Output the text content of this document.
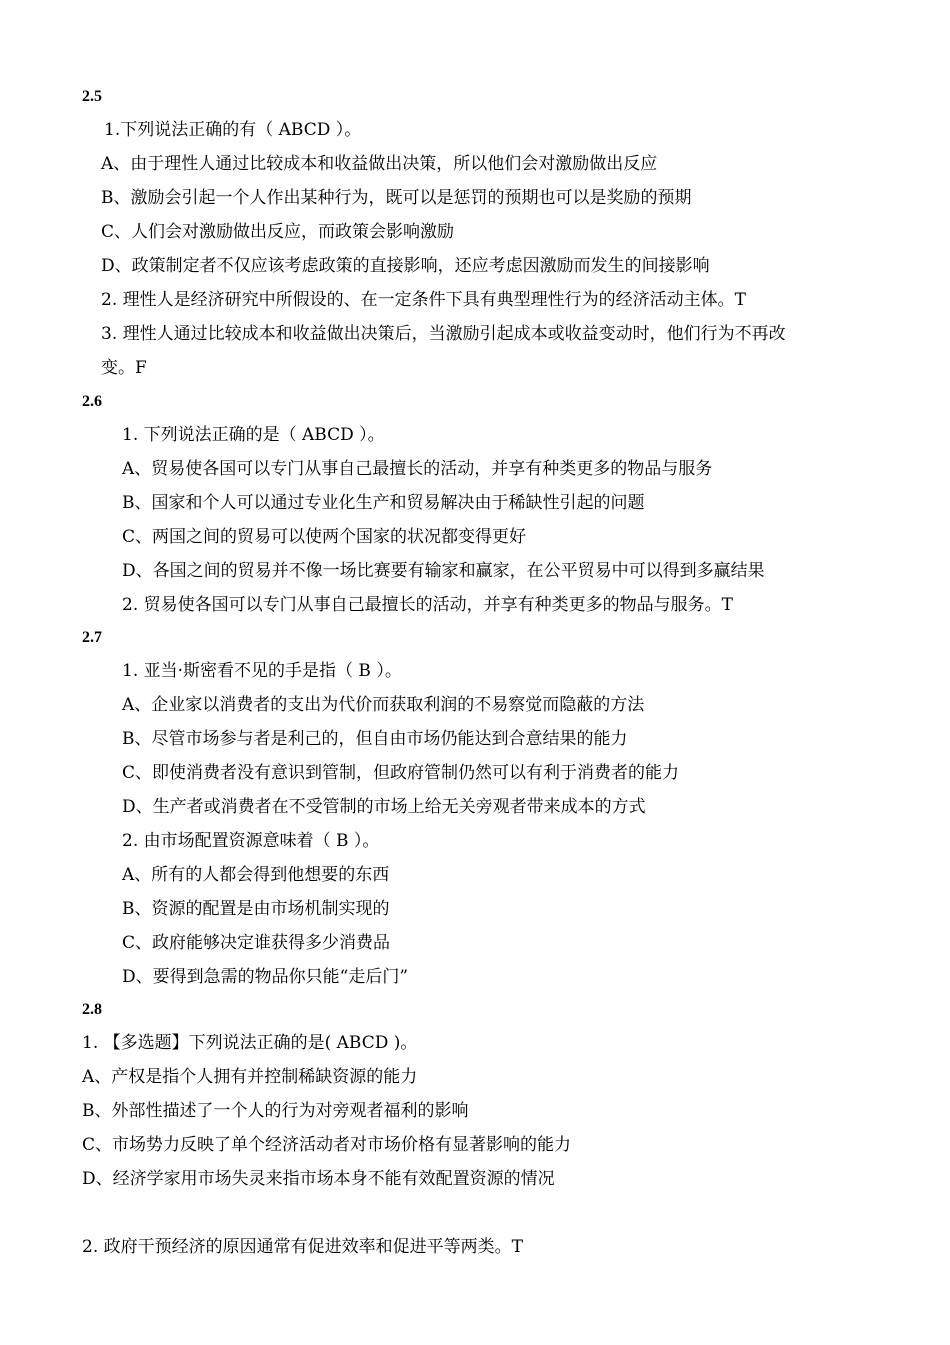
2.5
1.下列说法正确的有（ ABCD ）。
A、由于理性人通过比较成本和收益做出决策，所以他们会对激励做出反应
B、激励会引起一个人作出某种行为，既可以是惩罚的预期也可以是奖励的预期
C、人们会对激励做出反应，而政策会影响激励
D、政策制定者不仅应该考虑政策的直接影响，还应考虑因激励而发生的间接影响
2. 理性人是经济研究中所假设的、在一定条件下具有典型理性行为的经济活动主体。T
3. 理性人通过比较成本和收益做出决策后，当激励引起成本或收益变动时，他们行为不再改
变。F
2.6
1. 下列说法正确的是（ ABCD ）。
A、贸易使各国可以专门从事自己最擅长的活动，并享有种类更多的物品与服务
B、国家和个人可以通过专业化生产和贸易解决由于稀缺性引起的问题
C、两国之间的贸易可以使两个国家的状况都变得更好
D、各国之间的贸易并不像一场比赛要有输家和赢家，在公平贸易中可以得到多赢结果
2. 贸易使各国可以专门从事自己最擅长的活动，并享有种类更多的物品与服务。T
2.7
1. 亚当·斯密看不见的手是指（ B ）。
A、企业家以消费者的支出为代价而获取利润的不易察觉而隐蔽的方法
B、尽管市场参与者是利己的，但自由市场仍能达到合意结果的能力
C、即使消费者没有意识到管制，但政府管制仍然可以有利于消费者的能力
D、生产者或消费者在不受管制的市场上给无关旁观者带来成本的方式
2. 由市场配置资源意味着（ B ）。
A、所有的人都会得到他想要的东西
B、资源的配置是由市场机制实现的
C、政府能够决定谁获得多少消费品
D、要得到急需的物品你只能“走后门”
2.8
1. 【多选题】下列说法正确的是( ABCD )。
A、产权是指个人拥有并控制稀缺资源的能力
B、外部性描述了一个人的行为对旁观者福利的影响
C、市场势力反映了单个经济活动者对市场价格有显著影响的能力
D、经济学家用市场失灵来指市场本身不能有效配置资源的情况
2. 政府干预经济的原因通常有促进效率和促进平等两类。T
